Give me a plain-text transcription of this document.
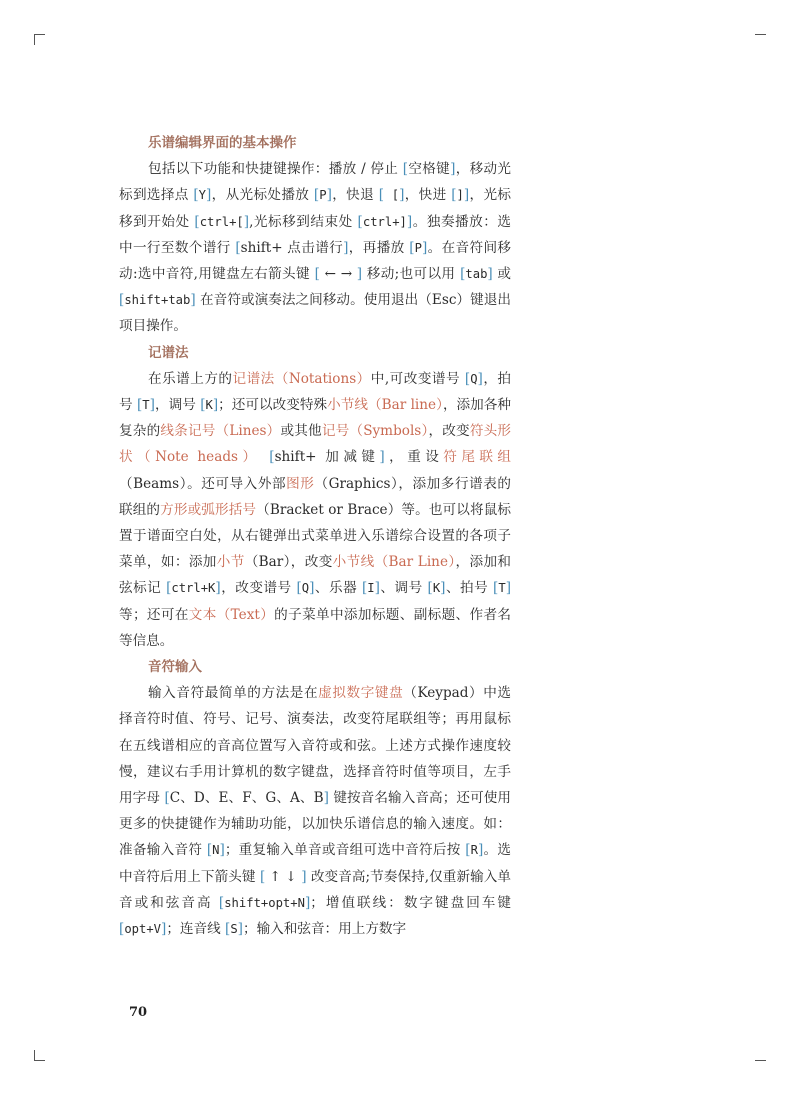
乐谱编辑界面的基本操作

包括以下功能和快捷键操作：播放 / 停止 [空格键]，移动光标到选择点 [Y]，从光标处播放 [P]，快退 [ []，快进 []]，光标移到开始处 [ctrl+[],光标移到结束处 [ctrl+]]。独奏播放：选中一行至数个谱行 [shift+ 点击谱行]，再播放 [P]。在音符间移动:选中音符,用键盘左右箭头键 [ ← → ] 移动;也可以用 [tab] 或 [shift+tab] 在音符或演奏法之间移动。使用退出（Esc）键退出项目操作。

记谱法

在乐谱上方的记谱法（Notations）中,可改变谱号 [Q]，拍号 [T]，调号 [K]；还可以改变特殊小节线（Bar line），添加各种复杂的线条记号（Lines）或其他记号（Symbols），改变符头形状（Note heads） [shift+ 加减键]，重设符尾联组（Beams）。还可导入外部图形（Graphics），添加多行谱表的联组的方形或弧形括号（Bracket or Brace）等。也可以将鼠标置于谱面空白处，从右键弹出式菜单进入乐谱综合设置的各项子菜单，如：添加小节（Bar），改变小节线（Bar Line），添加和弦标记 [ctrl+K]，改变谱号 [Q]、乐器 [I]、调号 [K]、拍号 [T] 等；还可在文本（Text）的子菜单中添加标题、副标题、作者名等信息。

音符输入

输入音符最简单的方法是在虚拟数字键盘（Keypad）中选择音符时值、符号、记号、演奏法，改变符尾联组等；再用鼠标在五线谱相应的音高位置写入音符或和弦。上述方式操作速度较慢，建议右手用计算机的数字键盘，选择音符时值等项目，左手用字母 [C、D、E、F、G、A、B] 键按音名输入音高；还可使用更多的快捷键作为辅助功能，以加快乐谱信息的输入速度。如：准备输入音符 [N]；重复输入单音或音组可选中音符后按 [R]。选中音符后用上下箭头键 [ ↑ ↓ ] 改变音高;节奏保持,仅重新输入单音或和弦音高 [shift+opt+N]；增值联线：数字键盘回车键 [opt+V]；连音线 [S]；输入和弦音：用上方数字

70
